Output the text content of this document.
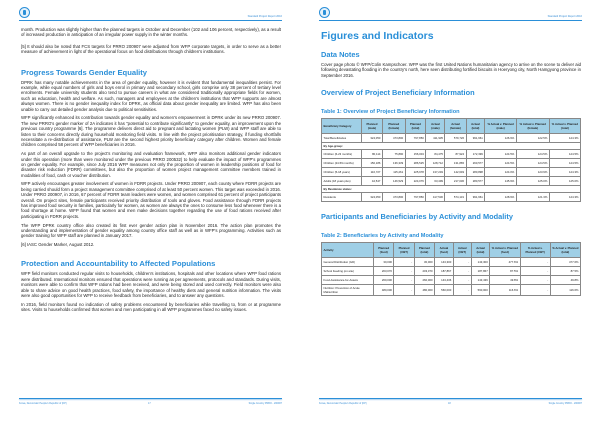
Standard Project Report 2016

month. Production was slightly higher than the planned targets in October and December (102 and 106 percent, respectively), as a result of increased production in anticipation of an irregular power supply in the winter months.

[5] It should also be noted that FCS targets for PRRO 200907 were adjusted from WFP corporate targets, in order to serve as a better measure of achievement in light of the operational focus on food distributions through children's institutions.

Progress Towards Gender Equality

DPRK has many notable achievements in the area of gender equality, however it is evident that fundamental inequalities persist. For example, while equal numbers of girls and boys enrol in primary and secondary school, girls comprise only 38 percent of tertiary level enrolments. Female university students also tend to pursue careers in what are considered traditionally appropriate fields for women, such as education, health and welfare. As such, managers and employees at the children's institutions that WFP supports are almost always women. There is no gender inequality index for DPRK, as official data about gender inequality are limited. WFP has also been unable to carry out detailed gender analysis due to political sensitivities.

WFP significantly enhanced its contribution towards gender equality and women's empowerment in DPRK under its new PRRO 200907. The new PRRO's gender marker of 2A indicates it has "potential to contribute significantly" to gender equality, an improvement upon the previous country programme [6]. The programme delivers direct aid to pregnant and lactating women (PLW) and WFP staff are able to listen to their concerns directly during household monitoring field visits. In line with the project prioritisation strategy, if funding shortfalls necessitate a re-distribution of assistance, PLW are the second highest priority beneficiary category after children. Women and female children comprised 58 percent of WFP beneficiaries in 2016.

As part of an overall upgrade to the project's monitoring and evaluation framework, WFP also monitors additional gender indicators under this operation (more than were monitored under the previous PRRO 200532) to help evaluate the impact of WFP's programmes on gender equality. For example, since July 2016 WFP measures not only the proportion of women in leadership positions of food for disaster risk reduction (FDRR) committees, but also the proportion of women project management committee members trained in modalities of food, cash or voucher distribution.

WFP actively encourages greater involvement of women in FDRR projects. Under PRRO 200907, each county where FDRR projects are being carried should form a project management committee comprised of at least 50 percent women. This target was exceeded in 2016. Under PRRO 200907, in 2016, 67 percent of FDRR team leaders were women, and women comprised 61 percent of project participants overall. On project sites, female participants received priority distribution of tools and gloves. Food assistance through FDRR projects has improved food security in families, particularly for women, as women are always the ones to consume less food whenever there is a food shortage at home. WFP found that women and men make decisions together regarding the use of food rations received after participating in FDRR projects.

The WFP DPRK country office also created its first ever gender action plan in November 2016. The action plan promotes the understanding and implementation of gender equality among country office staff as well as in WFP's programming. Activities such as gender training for WFP staff are planned in January 2017.

[6] IASC Gender Marker, August 2012.

Protection and Accountability to Affected Populations

WFP field monitors conducted regular visits to households, children's institutions, hospitals and other locations where WFP food rations were distributed. International monitors ensured that operations were running as per agreements, protocols and standards. During visits, monitors were able to confirm that WFP rations had been received, and were being stored and used correctly. Field monitors were also able to share advice on good health practices, food safety, the importance of healthy diets and general nutrition information. The visits were also good opportunities for WFP to receive feedback from beneficiaries, and to answer any questions.

In 2016, field monitors found no indication of safety problems encountered by beneficiaries while travelling to, from or at programme sites. Visits to households confirmed that women and men participating in all WFP programmes faced no safety issues.

Korea, Democratic People's Republic of (KP)	17	Single Country PRRO - 200907
Standard Project Report 2016
Figures and Indicators
Data Notes

Cover page photo © WFP/Colin Kampschoer. WFP was the first United Nations humanitarian agency to arrive on the scene to deliver aid following devastating flooding in the country's north, here seen distributing fortified biscuits in Hoeryong city, North Hamgyong province in September 2016.

Overview of Project Beneficiary Information
Table 1: Overview of Project Beneficiary Information
Beneficiary Category	Planned (male)	Planned (female)	Planned (total)	Actual (male)	Actual (female)	Actual (total)	% Actual v. Planned (male)	% Actual v. Planned (female)	% Actual v. Planned (total)
Total Beneficiaries	324,050	473,800	797,850	411,935	579,726	991,661	126.9%	122.5%	124.3%
By Age-group:									
Children (6-23 months)	80,114	75,890	156,004	84,475	87,924	172,399	124.5%	124.5%	124.5%
Children (24-59 months)	150,186	136,339	286,525	128,712	131,865	260,577	124.5%	124.5%	124.5%
Children (5-18 years)	110,727	115,261	225,978	137,249	142,649	280,898	124.0%	123.9%	124.3%
Adults (18 years plus)	42,547	146,529	224,076	63,499	217,030	280,577	145.9%	125.0%	125.0%
By Residence status:									
Residents	324,050	473,800	797,850	417,530	574,131	991,661	128.9%	121.3%	124.3%
Participants and Beneficiaries by Activity and Modality
Table 2: Beneficiaries by Activity and Modality
Activity	Planned (food)	Planned (CBT)	Planned (total)	Actual (food)	Actual (CBT)	Actual (total)	% Actual v. Planned (food)	% Actual v. Planned (CBT)	% Actual v. Planned (total)
General Distribution (GD)	30,000	-	30,000	143,300	-	143,300	477.6%	-	477.6%
School Feeding (on-site)	203,070	-	203,070	187,867	-	187,867	87.5%	-	87.5%
Food-Assistance-for-Assets	260,000	-	260,000	143,436	-	143,436	49.8%	-	49.8%
Nutrition: Prevention of Acute Malnutrition	480,000	-	480,000	560,000	-	560,000	116.6%	-	116.6%
Korea, Democratic People's Republic of (KP)	18	Single Country PRRO - 200907
